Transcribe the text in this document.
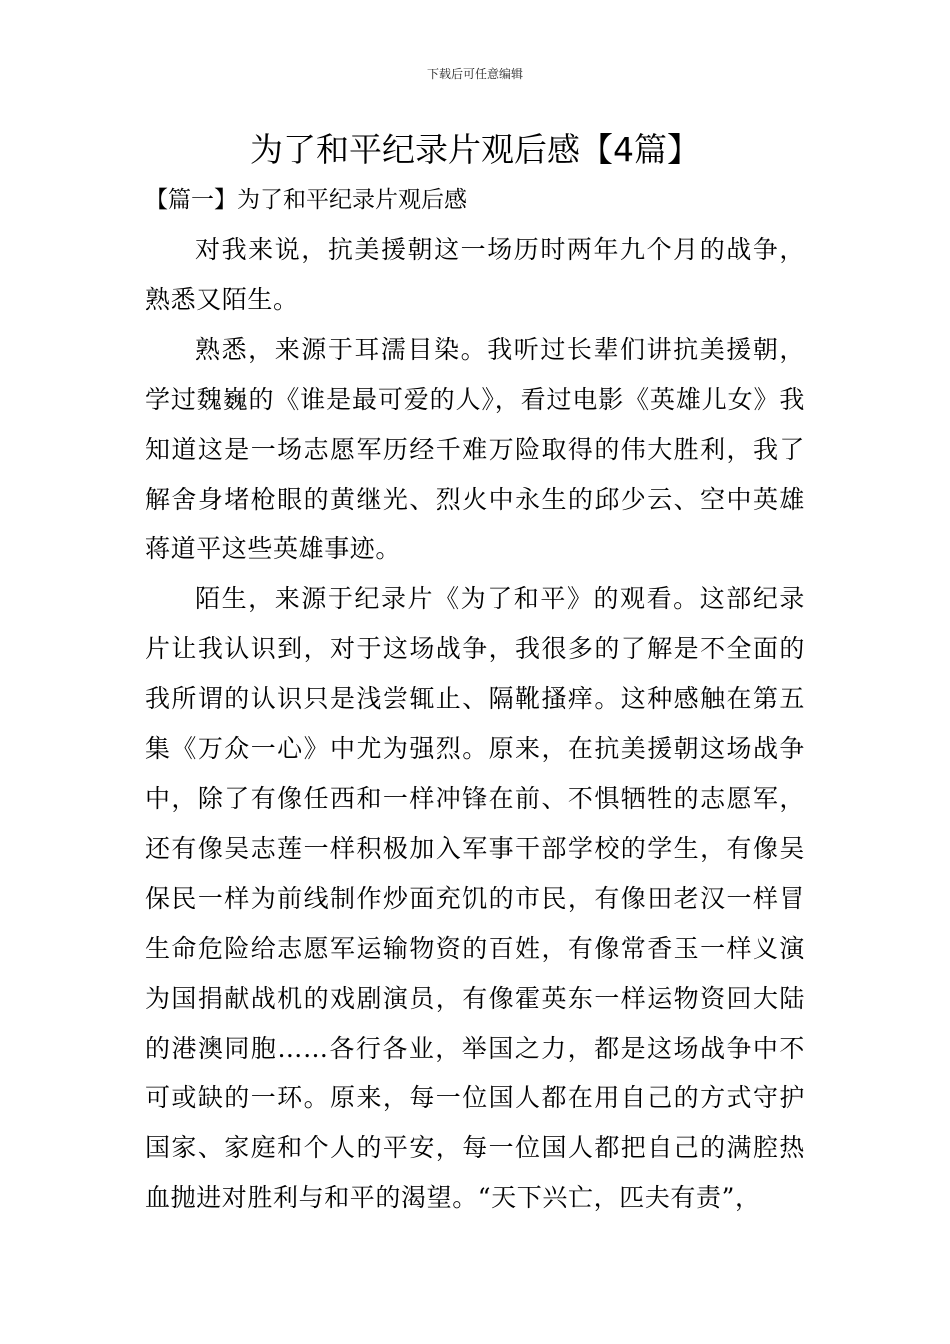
下载后可任意编辑
为了和平纪录片观后感【4篇】
【篇一】为了和平纪录片观后感

对我来说，抗美援朝这一场历时两年九个月的战争，熟悉又陌生。

熟悉，来源于耳濡目染。我听过长辈们讲抗美援朝，学过魏巍的《谁是最可爱的人》，看过电影《英雄儿女》我知道这是一场志愿军历经千难万险取得的伟大胜利，我了解舍身堵枪眼的黄继光、烈火中永生的邱少云、空中英雄蒋道平这些英雄事迹。

陌生，来源于纪录片《为了和平》的观看。这部纪录片让我认识到，对于这场战争，我很多的了解是不全面的我所谓的认识只是浅尝辄止、隔靴搔痒。这种感触在第五集《万众一心》中尤为强烈。原来，在抗美援朝这场战争中，除了有像任西和一样冲锋在前、不惧牺牲的志愿军，还有像吴志莲一样积极加入军事干部学校的学生，有像吴保民一样为前线制作炒面充饥的市民，有像田老汉一样冒生命危险给志愿军运输物资的百姓，有像常香玉一样义演为国捐献战机的戏剧演员，有像霍英东一样运物资回大陆的港澳同胞……各行各业，举国之力，都是这场战争中不可或缺的一环。原来，每一位国人都在用自己的方式守护国家、家庭和个人的平安，每一位国人都把自己的满腔热血抛进对胜利与和平的渴望。“天下兴亡，匹夫有责”，
